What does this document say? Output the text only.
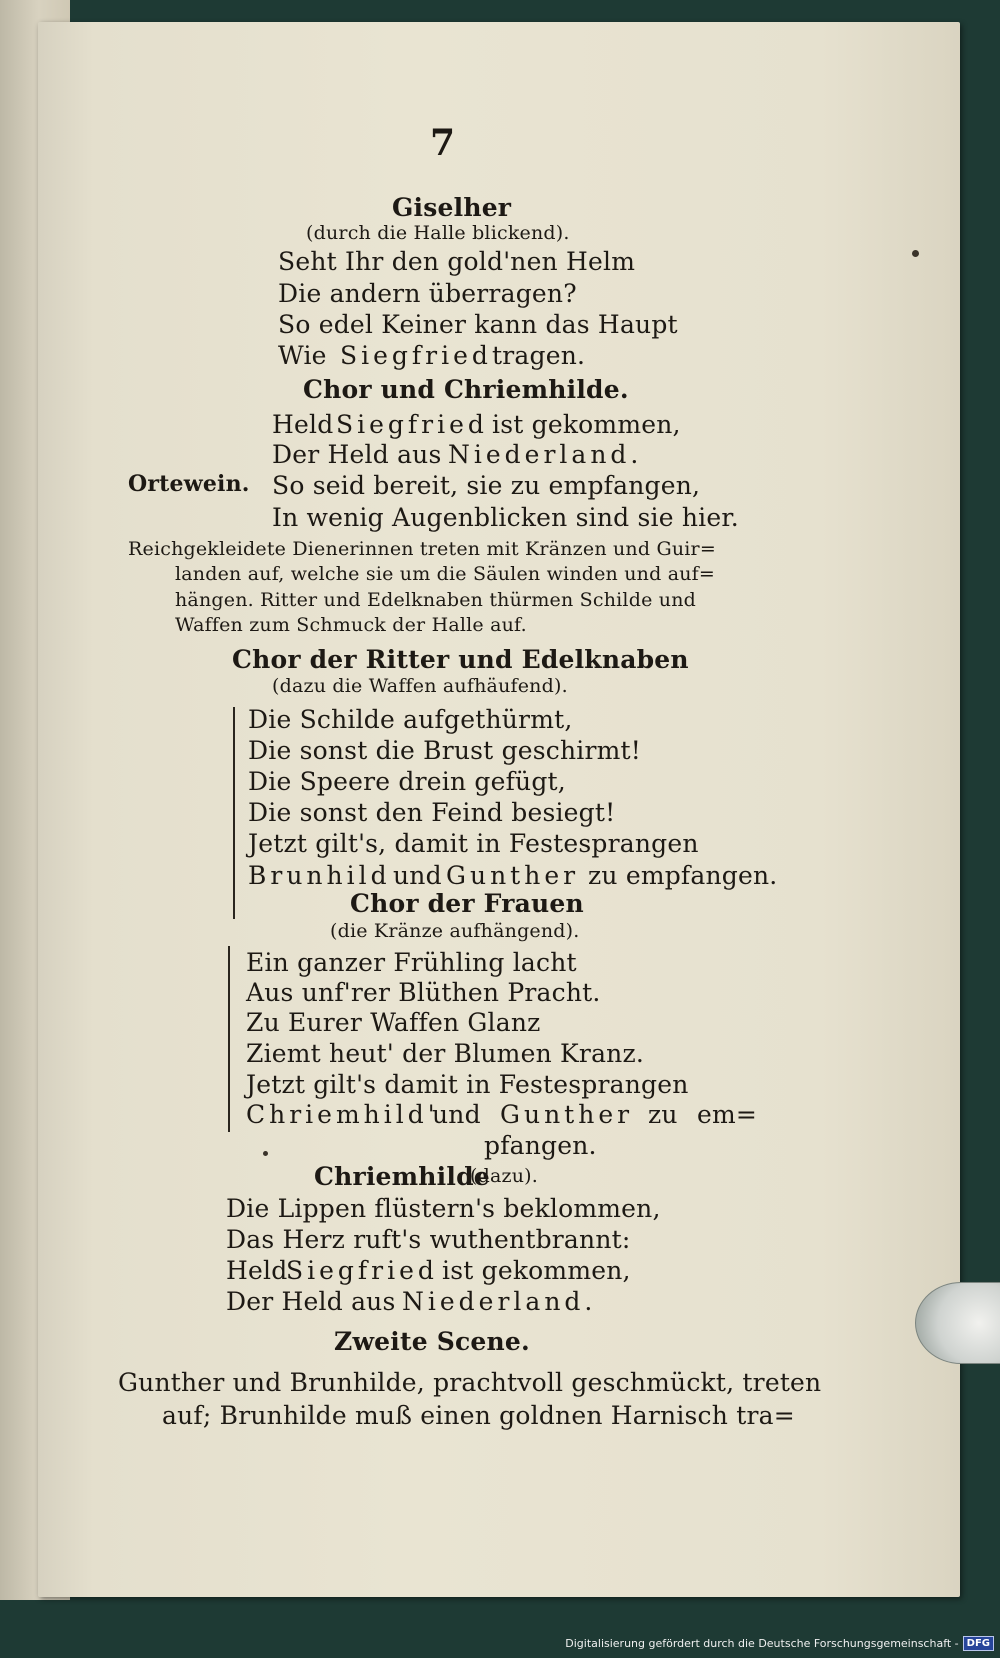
7
Giselher
(durch die Halle blickend).
Seht Ihr den gold'nen Helm
Die andern überragen?
So edel Keiner kann das Haupt
Wie Siegfried tragen.
Chor und Chriemhilde.
Held Siegfried ist gekommen,
Der Held aus Niederland.
Ortewein. So seid bereit, sie zu empfangen,
In wenig Augenblicken sind sie hier.
Reichgekleidete Dienerinnen treten mit Kränzen und Guir=
landen auf, welche sie um die Säulen winden und auf=
hängen. Ritter und Edelknaben thürmen Schilde und
Waffen zum Schmuck der Halle auf.
Chor der Ritter und Edelknaben
(dazu die Waffen aufhäufend).
Die Schilde aufgethürmt,
Die sonst die Brust geschirmt!
Die Speere drein gefügt,
Die sonst den Feind besiegt!
Jetzt gilt's, damit in Festesprangen
Brunhild und Gunther zu empfangen.
Chor der Frauen
(die Kränze aufhängend).
Ein ganzer Frühling lacht
Aus unf'rer Blüthen Pracht.
Zu Eurer Waffen Glanz
Ziemt heut' der Blumen Kranz.
Jetzt gilt's damit in Festesprangen
Chriemhild'
und Gunther zu em=
pfangen.
Chriemhilde
(dazu).
Die Lippen flüstern's beklommen,
Das Herz ruft's wuthentbrannt:
Held
Siegfried ist gekommen,
Der Held aus Niederland.
Zweite Scene.
Gunther und Brunhilde, prachtvoll geschmückt, treten
auf; Brunhilde muß einen goldnen Harnisch tra=
Digitalisierung gefördert durch die Deutsche Forschungsgemeinschaft - DFG
